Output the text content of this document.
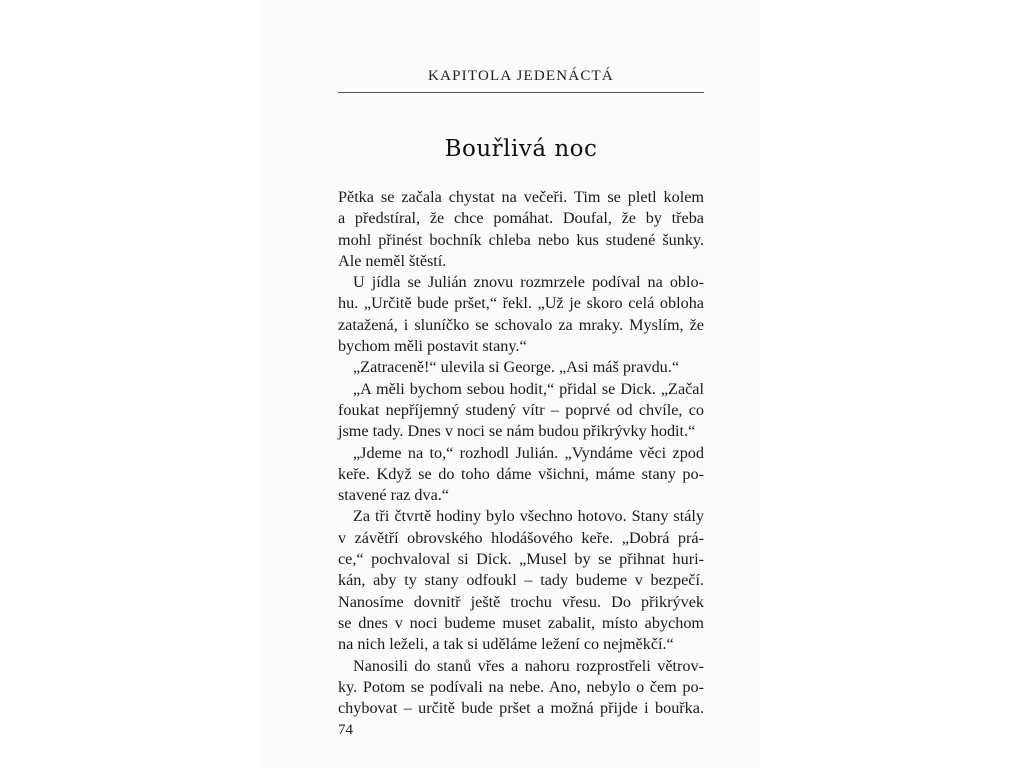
KAPITOLA JEDENÁCTÁ
Bouřlivá noc
Pětka se začala chystat na večeři. Tim se pletl kolem
a předstíral, že chce pomáhat. Doufal, že by třeba
mohl přinést bochník chleba nebo kus studené šunky.
Ale neměl štěstí.
U jídla se Julián znovu rozmrzele podíval na oblo-
hu. „Určitě bude pršet,“ řekl. „Už je skoro celá obloha
zatažená, i sluníčko se schovalo za mraky. Myslím, že
bychom měli postavit stany.“
„Zatraceně!“ ulevila si George. „Asi máš pravdu.“
„A měli bychom sebou hodit,“ přidal se Dick. „Začal
foukat nepříjemný studený vítr – poprvé od chvíle, co
jsme tady. Dnes v noci se nám budou přikrývky hodit.“
„Jdeme na to,“ rozhodl Julián. „Vyndáme věci zpod
keře. Když se do toho dáme všichni, máme stany po-
stavené raz dva.“
Za tři čtvrtě hodiny bylo všechno hotovo. Stany stály
v závětří obrovského hlodášového keře. „Dobrá prá-
ce,“ pochvaloval si Dick. „Musel by se přihnat huri-
kán, aby ty stany odfoukl – tady budeme v bezpečí.
Nanosíme dovnitř ještě trochu vřesu. Do přikrývek
se dnes v noci budeme muset zabalit, místo abychom
na nich leželi, a tak si uděláme ležení co nejměkčí.“
Nanosili do stanů vřes a nahoru rozprostřeli větrov-
ky. Potom se podívali na nebe. Ano, nebylo o čem po-
chybovat – určitě bude pršet a možná přijde i bouřka.
74
